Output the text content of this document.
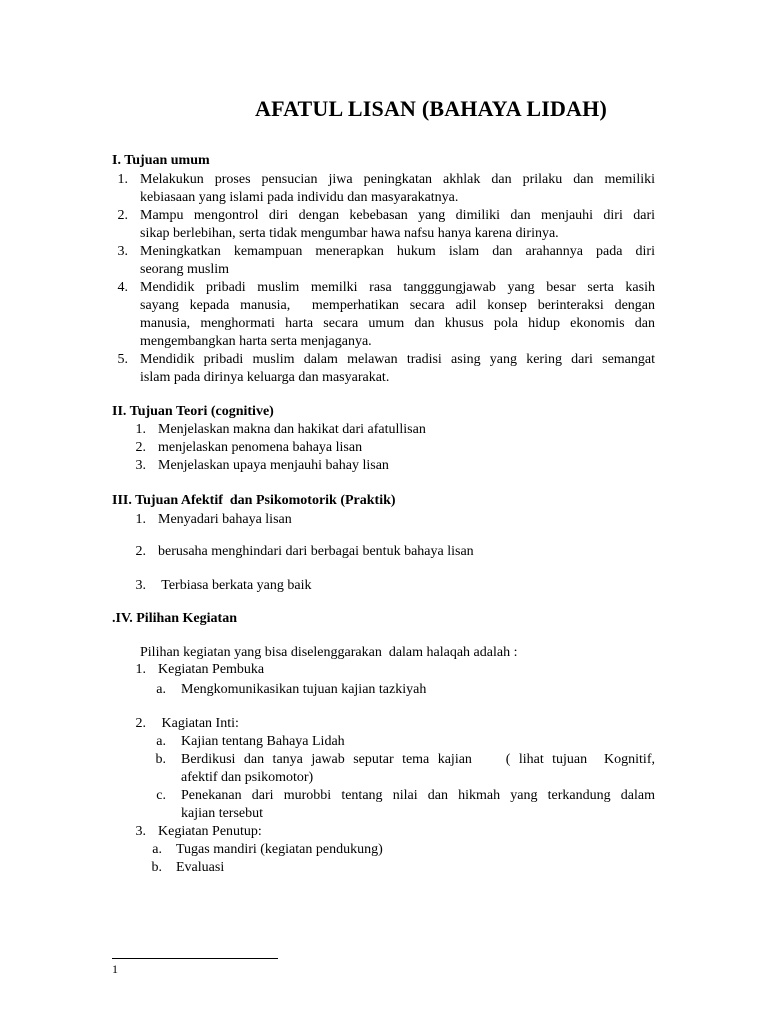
AFATUL LISAN (BAHAYA LIDAH)
I. Tujuan umum
1. Melakukun proses pensucian jiwa peningkatan akhlak dan prilaku dan memiliki
kebiasaan yang islami pada individu dan masyarakatnya.
2. Mampu mengontrol diri dengan kebebasan yang dimiliki dan menjauhi diri dari
sikap berlebihan, serta tidak mengumbar hawa nafsu hanya karena dirinya.
3. Meningkatkan kemampuan menerapkan hukum islam dan arahannya pada diri
seorang muslim
4. Mendidik pribadi muslim memilki rasa tangggungjawab yang besar serta kasih
sayang kepada manusia,  memperhatikan secara adil konsep berinteraksi dengan
manusia, menghormati harta secara umum dan khusus pola hidup ekonomis dan
mengembangkan harta serta menjaganya.
5. Mendidik pribadi muslim dalam melawan tradisi asing yang kering dari semangat
islam pada dirinya keluarga dan masyarakat.
II. Tujuan Teori (cognitive)
1. Menjelaskan makna dan hakikat dari afatullisan
2. menjelaskan penomena bahaya lisan
3. Menjelaskan upaya menjauhi bahay lisan
III. Tujuan Afektif  dan Psikomotorik (Praktik)
1. Menyadari bahaya lisan
2. berusaha menghindari dari berbagai bentuk bahaya lisan
3. Terbiasa berkata yang baik
.IV. Pilihan Kegiatan
Pilihan kegiatan yang bisa diselenggarakan  dalam halaqah adalah :
1. Kegiatan Pembuka
a. Mengkomunikasikan tujuan kajian tazkiyah
2. Kagiatan Inti:
a. Kajian tentang Bahaya Lidah
b. Berdikusi dan tanya jawab seputar tema kajian    ( lihat tujuan  Kognitif,
afektif dan psikomotor)
c. Penekanan dari murobbi tentang nilai dan hikmah yang terkandung dalam
kajian tersebut
3. Kegiatan Penutup:
a. Tugas mandiri (kegiatan pendukung)
b. Evaluasi
1
